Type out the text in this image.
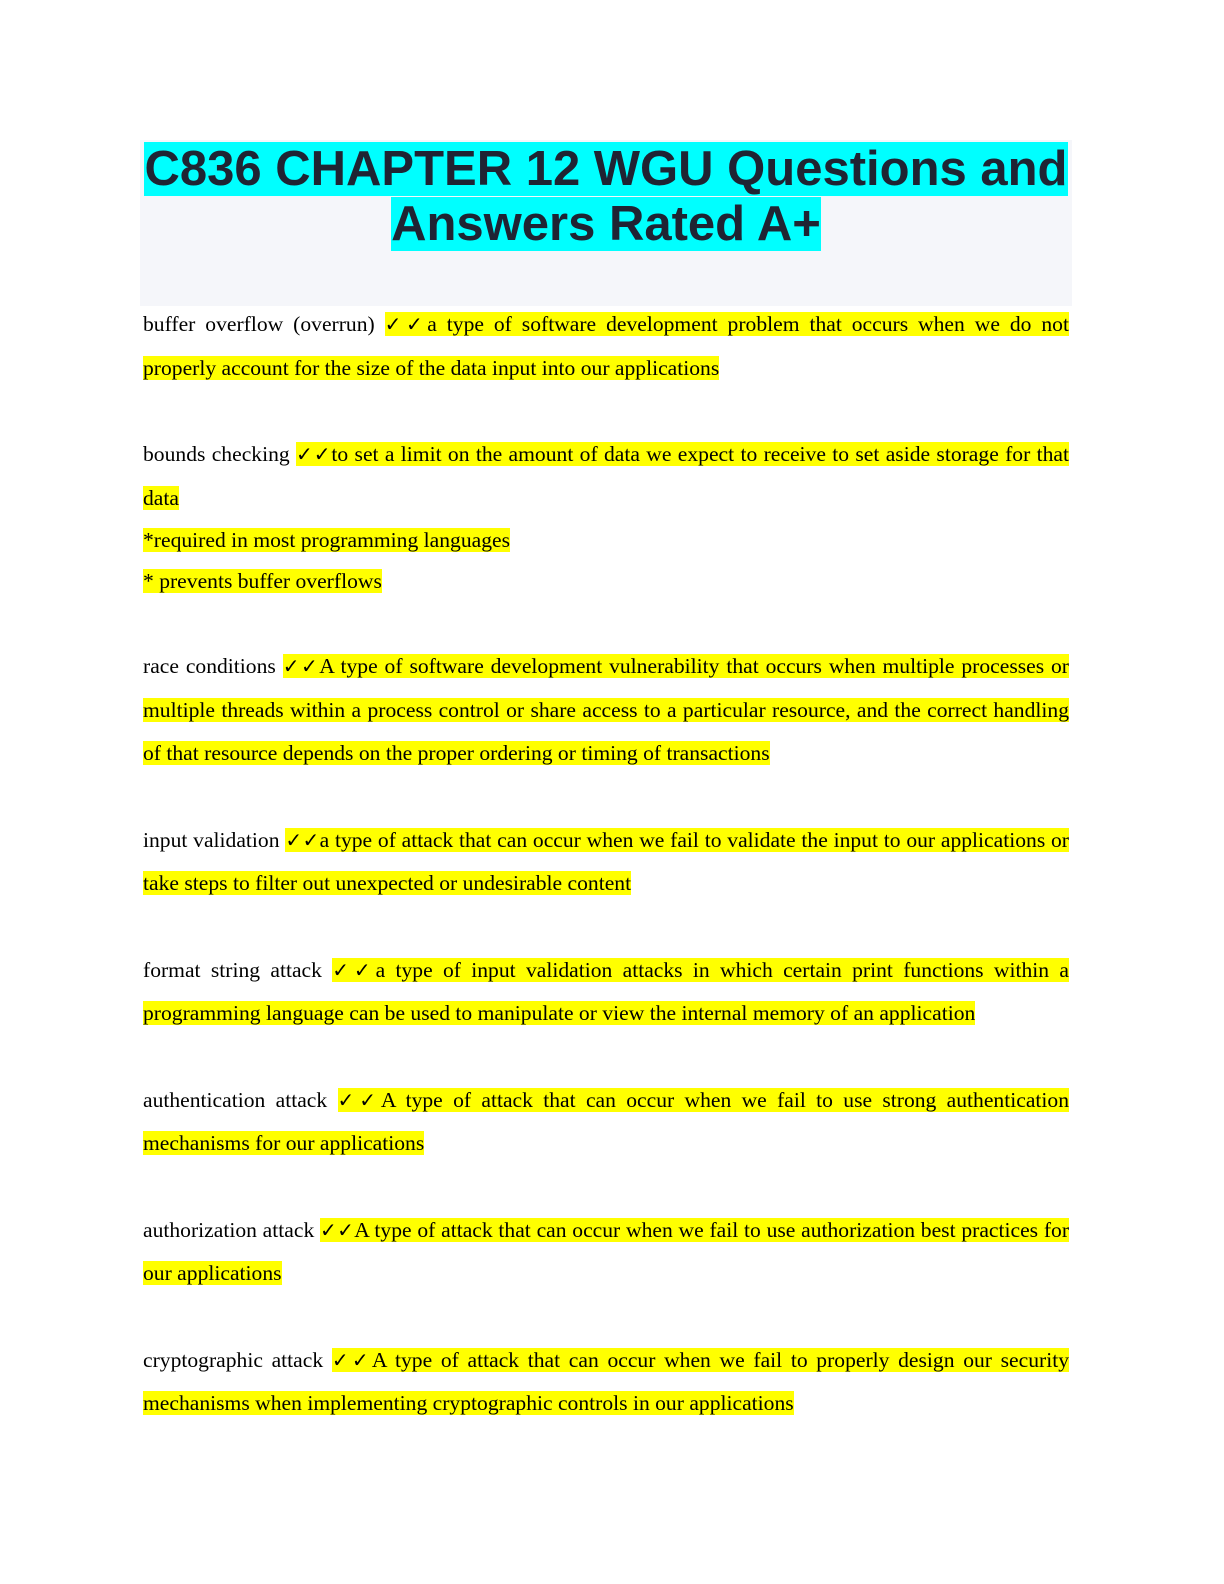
C836 CHAPTER 12 WGU Questions and
Answers Rated A+

buffer overflow (overrun) ✓✓a type of software development problem that occurs when we do not properly account for the size of the data input into our applications

bounds checking ✓✓to set a limit on the amount of data we expect to receive to set aside storage for that data

*required in most programming languages

* prevents buffer overflows

race conditions ✓✓A type of software development vulnerability that occurs when multiple processes or multiple threads within a process control or share access to a particular resource, and the correct handling of that resource depends on the proper ordering or timing of transactions

input validation ✓✓a type of attack that can occur when we fail to validate the input to our applications or take steps to filter out unexpected or undesirable content

format string attack ✓✓a type of input validation attacks in which certain print functions within a programming language can be used to manipulate or view the internal memory of an application

authentication attack ✓✓A type of attack that can occur when we fail to use strong authentication mechanisms for our applications

authorization attack ✓✓A type of attack that can occur when we fail to use authorization best practices for our applications

cryptographic attack ✓✓A type of attack that can occur when we fail to properly design our security mechanisms when implementing cryptographic controls in our applications
